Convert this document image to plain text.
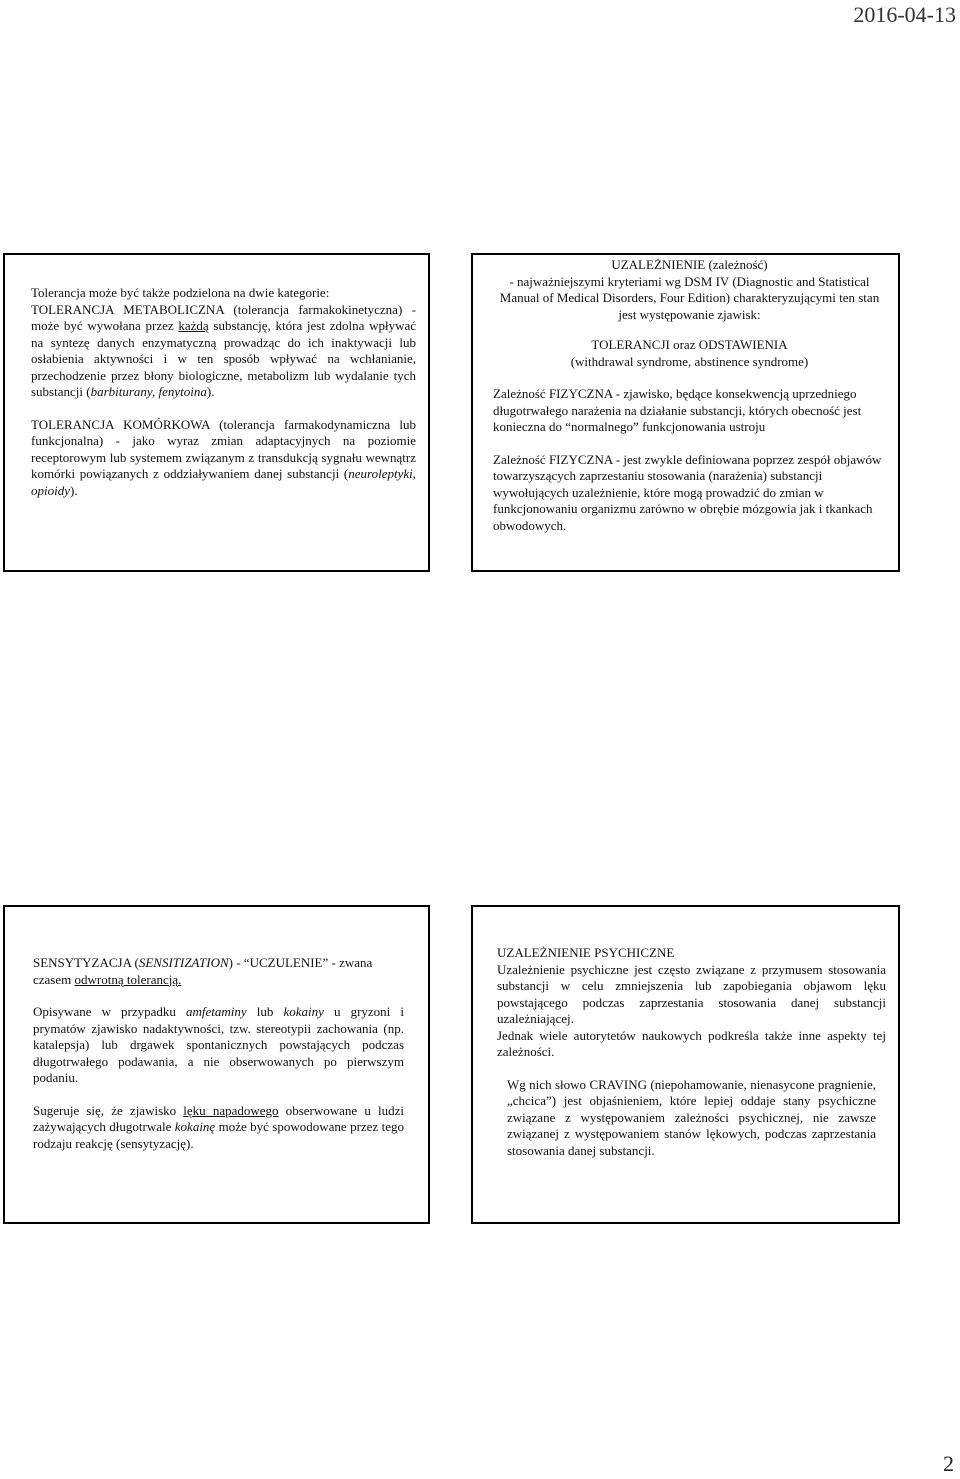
2016-04-13

Tolerancja może być także podzielona na dwie kategorie:

TOLERANCJA METABOLICZNA (tolerancja farmakokinetyczna) - może być wywołana przez każdą substancję, która jest zdolna wpływać na syntezę danych enzymatyczną prowadząc do ich inaktywacji lub osłabienia aktywności i w ten sposób wpływać na wchłanianie, przechodzenie przez błony biologiczne, metabolizm lub wydalanie tych substancji (barbiturany, fenytoina).

TOLERANCJA KOMÓRKOWA (tolerancja farmakodynamiczna lub funkcjonalna) - jako wyraz zmian adaptacyjnych na poziomie receptorowym lub systemem związanym z transdukcją sygnału wewnątrz komórki powiązanych z oddziaływaniem danej substancji (neuroleptyki, opioidy).

UZALEŻNIENIE (zależność)

- najważniejszymi kryteriami wg DSM IV (Diagnostic and Statistical Manual of Medical Disorders, Four Edition) charakteryzującymi ten stan jest występowanie zjawisk:

TOLERANCJI oraz ODSTAWIENIA

(withdrawal syndrome, abstinence syndrome)

Zależność FIZYCZNA - zjawisko, będące konsekwencją uprzedniego długotrwałego narażenia na działanie substancji, których obecność jest konieczna do “normalnego” funkcjonowania ustroju

Zależność FIZYCZNA - jest zwykle definiowana poprzez zespół objawów towarzyszących zaprzestaniu stosowania (narażenia) substancji wywołujących uzależnienie, które mogą prowadzić do zmian w funkcjonowaniu organizmu zarówno w obrębie mózgowia jak i tkankach obwodowych.

SENSYTYZACJA (SENSITIZATION) - “UCZULENIE” - zwana czasem odwrotną tolerancją.

Opisywane w przypadku amfetaminy lub kokainy u gryzoni i prymatów zjawisko nadaktywności, tzw. stereotypii zachowania (np. katalepsja) lub drgawek spontanicznych powstających podczas długotrwałego podawania, a nie obserwowanych po pierwszym podaniu.

Sugeruje się, że zjawisko lęku napadowego obserwowane u ludzi zażywających długotrwale kokainę może być spowodowane przez tego rodzaju reakcję (sensytyzację).

UZALEŻNIENIE PSYCHICZNE

Uzależnienie psychiczne jest często związane z przymusem stosowania substancji w celu zmniejszenia lub zapobiegania objawom lęku powstającego podczas zaprzestania stosowania danej substancji uzależniającej.

Jednak wiele autorytetów naukowych podkreśla także inne aspekty tej zależności.

Wg nich słowo CRAVING (niepohamowanie, nienasycone pragnienie, „chcica”) jest objaśnieniem, które lepiej oddaje stany psychiczne związane z występowaniem zależności psychicznej, nie zawsze związanej z występowaniem stanów lękowych, podczas zaprzestania stosowania danej substancji.

2
